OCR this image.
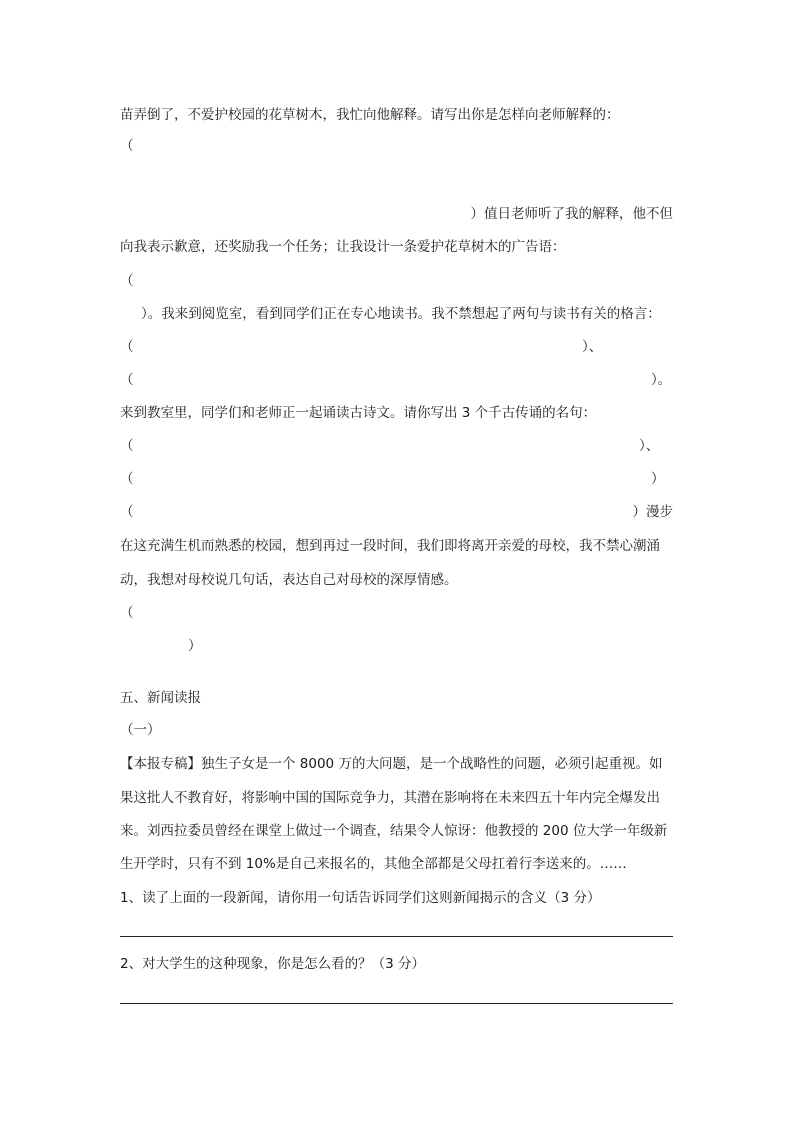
苗弄倒了，不爱护校园的花草树木，我忙向他解释。请写出你是怎样向老师解释的：
（
）值日老师听了我的解释，他不但
向我表示歉意，还奖励我一个任务；让我设计一条爱护花草树木的广告语：
（
）。我来到阅览室，看到同学们正在专心地读书。我不禁想起了两句与读书有关的格言：
（	）、
（	）。
来到教室里，同学们和老师正一起诵读古诗文。请你写出 3 个千古传诵的名句：
（	）、
（	）
（	）漫步
在这充满生机而熟悉的校园，想到再过一段时间，我们即将离开亲爱的母校，我不禁心潮涌
动，我想对母校说几句话，表达自己对母校的深厚情感。
（
）
五、新闻读报
（一）
【本报专稿】独生子女是一个 8000 万的大问题，是一个战略性的问题，必须引起重视。如
果这批人不教育好，将影响中国的国际竞争力，其潜在影响将在未来四五十年内完全爆发出
来。刘西拉委员曾经在课堂上做过一个调查，结果令人惊讶：他教授的 200 位大学一年级新
生开学时，只有不到 10%是自己来报名的，其他全部都是父母扛着行李送来的。……
1、读了上面的一段新闻，请你用一句话告诉同学们这则新闻揭示的含义（3 分）
2、对大学生的这种现象，你是怎么看的？（3 分）
